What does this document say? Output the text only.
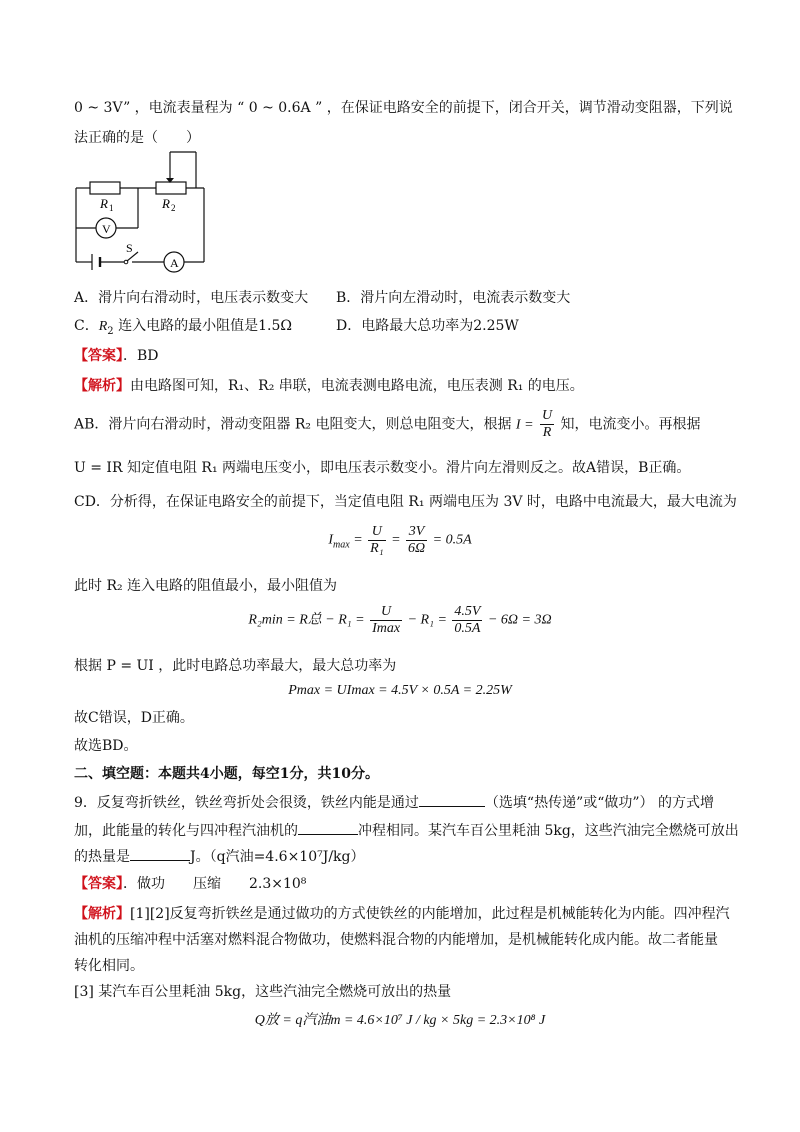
0 ~ 3V” ，电流表量程为 “ 0 ~ 0.6A ” ，在保证电路安全的前提下，闭合开关，调节滑动变阻器，下列说
法正确的是（　　）
R 1	R 2
V
A
S
A．滑片向右滑动时，电压表示数变大 B．滑片向左滑动时，电流表示数变大
C．$R_2$ 连入电路的最小阻值是1.5Ω	D．电路最大总功率为2.25W
【答案】．BD
【解析】由电路图可知，R₁、R₂ 串联，电流表测电路电流，电压表测 R₁ 的电压。
AB．滑片向右滑动时，滑动变阻器 R₂ 电阻变大，则总电阻变大，根据 $I = \frac{U}{R}$ 知，电流变小。再根据
U = IR 知定值电阻 R₁ 两端电压变小，即电压表示数变小。滑片向左滑则反之。故A错误，B正确。
CD．分析得，在保证电路安全的前提下，当定值电阻 R₁ 两端电压为 3V 时，电路中电流最大，最大电流为
$I_{max} = \frac{U}{\text{R₁}} = \frac{3V}{6\Omega} = 0.5A$
此时 R₂ 连入电路的阻值最小，最小阻值为
R₂min = R总 − $R_1 = \frac{U}{Imax} - R_1 = \frac{4.5V}{0.5A} - 6\Omega = 3\Omega$
根据 P = UI ，此时电路总功率最大，最大总功率为
Pmax = UImax = 4.5V × 0.5A = 2.25W
故C错误，D正确。
故选BD。
二、填空题：本题共4小题，每空1分，共10分。
9．反复弯折铁丝，铁丝弯折处会很烫，铁丝内能是通过	（选填“热传递”或“做功”） 的方式增
加，此能量的转化与四冲程汽油机的	冲程相同。某汽车百公里耗油 5kg，这些汽油完全燃烧可放出
的热量是	J。（q汽油=4.6×10⁷J/kg）
【答案】．做功　　压缩　　2.3×10⁸
【解析】[1][2]反复弯折铁丝是通过做功的方式使铁丝的内能增加，此过程是机械能转化为内能。四冲程汽
油机的压缩冲程中活塞对燃料混合物做功，使燃料混合物的内能增加，是机械能转化成内能。故二者能量
转化相同。
[3] 某汽车百公里耗油 5kg，这些汽油完全燃烧可放出的热量
Q放 = q汽油m = 4.6×10⁷ J / kg × 5kg = 2.3×10⁸ J
